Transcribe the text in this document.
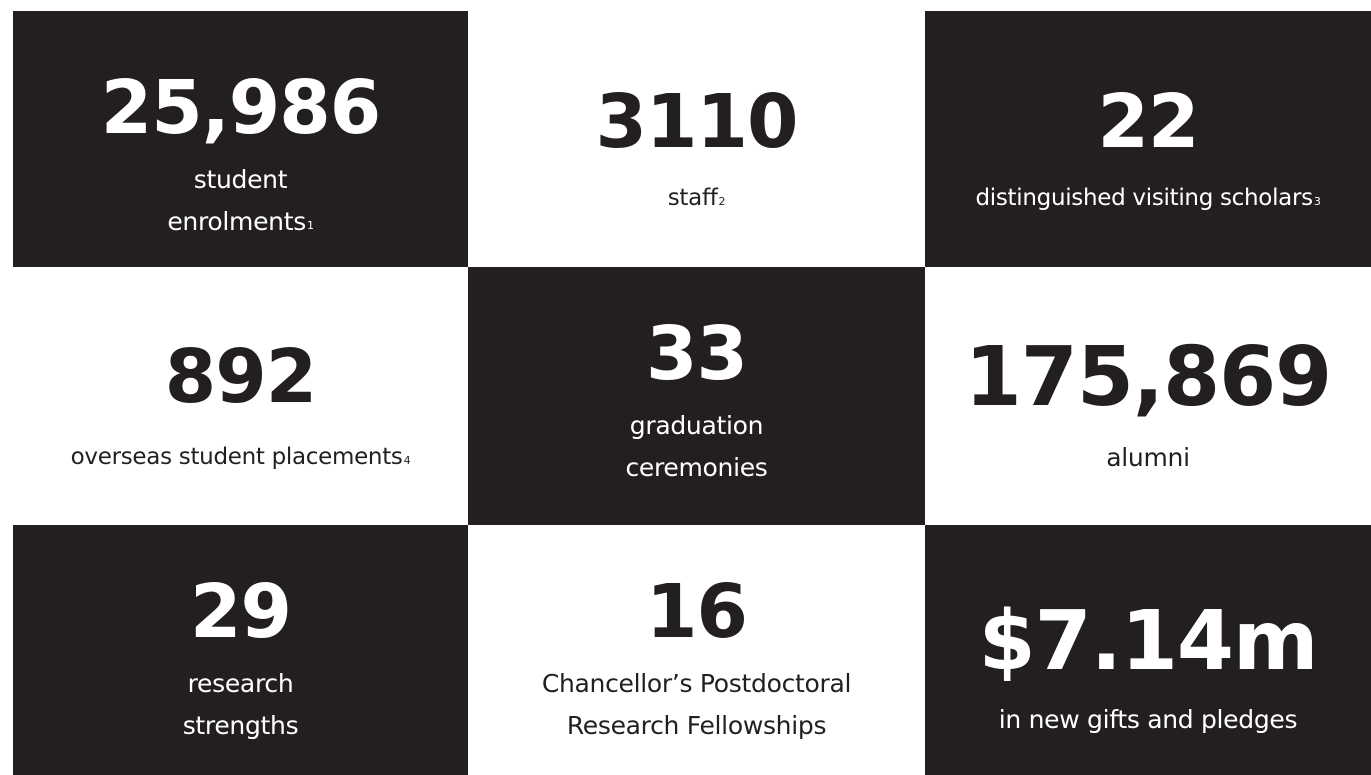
25,986
student
enrolments$^1$
3110
staff$^2$
22
distinguished visiting scholars$^3$
892
overseas student placements$^4$
33
graduation
ceremonies
175,869
alumni
29
research
strengths
16
Chancellor’s Postdoctoral
Research Fellowships
$7.14m
in new gifts and pledges
